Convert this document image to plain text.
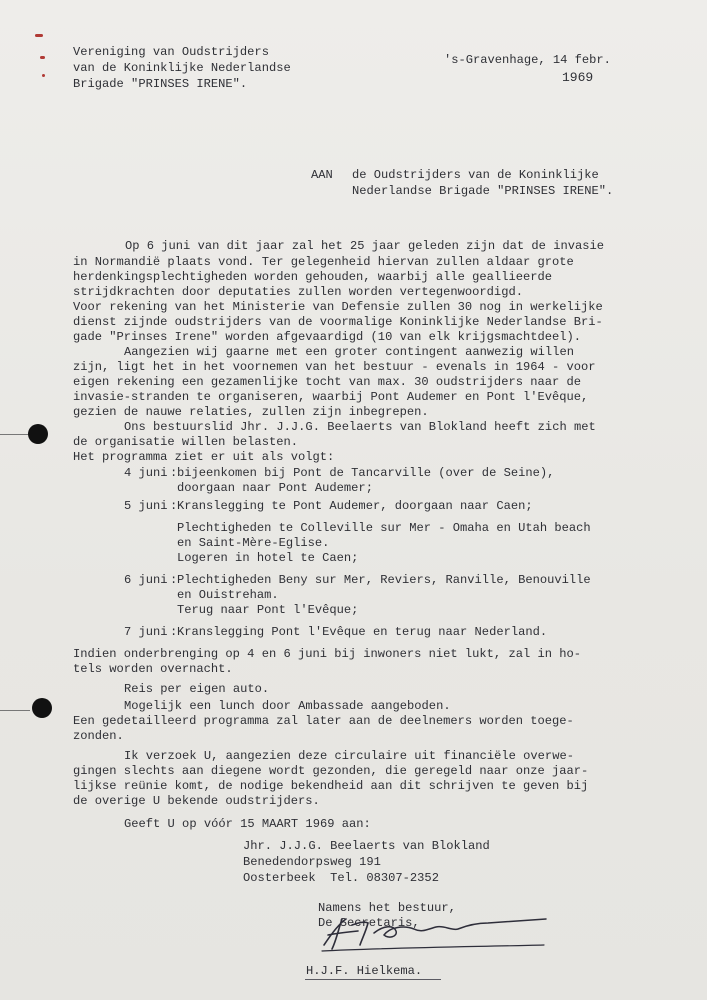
Vereniging van Oudstrijders
van de Koninklijke Nederlandse
Brigade "PRINSES IRENE".
's-Gravenhage, 14 febr.
1969
AAN de Oudstrijders van de Koninklijke
Nederlandse Brigade "PRINSES IRENE".
Op 6 juni van dit jaar zal het 25 jaar geleden zijn dat de invasie
in Normandië plaats vond. Ter gelegenheid hiervan zullen aldaar grote
herdenkingsplechtigheden worden gehouden, waarbij alle geallieerde
strijdkrachten door deputaties zullen worden vertegenwoordigd.
Voor rekening van het Ministerie van Defensie zullen 30 nog in werkelijke
dienst zijnde oudstrijders van de voormalige Koninklijke Nederlandse Bri-
gade "Prinses Irene" worden afgevaardigd (10 van elk krijgsmachtdeel).
Aangezien wij gaarne met een groter contingent aanwezig willen
zijn, ligt het in het voornemen van het bestuur - evenals in 1964 - voor
eigen rekening een gezamenlijke tocht van max. 30 oudstrijders naar de
invasie-stranden te organiseren, waarbij Pont Audemer en Pont l'Evêque,
gezien de nauwe relaties, zullen zijn inbegrepen.
Ons bestuurslid Jhr. J.J.G. Beelaerts van Blokland heeft zich met
de organisatie willen belasten.
Het programma ziet er uit als volgt:
4 juni : bijeenkomen bij Pont de Tancarville (over de Seine),
doorgaan naar Pont Audemer;
5 juni : Kranslegging te Pont Audemer, doorgaan naar Caen;
Plechtigheden te Colleville sur Mer - Omaha en Utah beach
en Saint-Mère-Eglise.
Logeren in hotel te Caen;
6 juni : Plechtigheden Beny sur Mer, Reviers, Ranville, Benouville
en Ouistreham.
Terug naar Pont l'Evêque;
7 juni : Kranslegging Pont l'Evêque en terug naar Nederland.
Indien onderbrenging op 4 en 6 juni bij inwoners niet lukt, zal in ho-
tels worden overnacht.
Reis per eigen auto.
Mogelijk een lunch door Ambassade aangeboden.
Een gedetailleerd programma zal later aan de deelnemers worden toege-
zonden.
Ik verzoek U, aangezien deze circulaire uit financiële overwe-
gingen slechts aan diegene wordt gezonden, die geregeld naar onze jaar-
lijkse reünie komt, de nodige bekendheid aan dit schrijven te geven bij
de overige U bekende oudstrijders.
Geeft U op vóór 15 MAART 1969 aan:
Jhr. J.J.G. Beelaerts van Blokland
Benedendorpsweg 191
Oosterbeek  Tel. 08307-2352
Namens het bestuur,
De Secretaris,
H.J.F. Hielkema.
